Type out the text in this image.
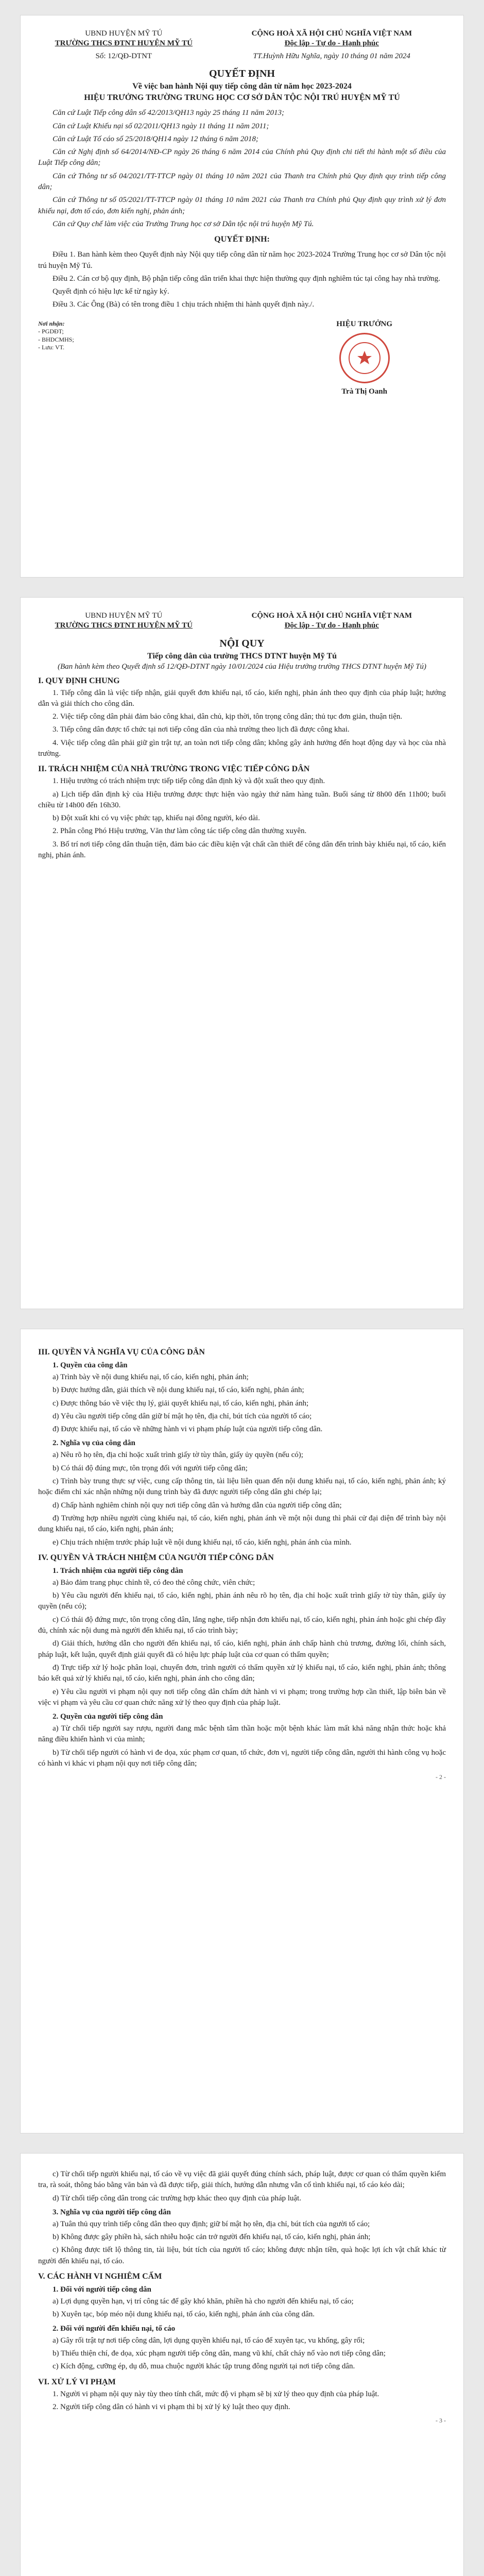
UBND HUYỆN MỸ TÚ
TRƯỜNG THCS ĐTNT HUYỆN MỸ TÚ
Số: 12/QĐ-DTNT
CỘNG HOÀ XÃ HỘI CHỦ NGHĨA VIỆT NAM
Độc lập - Tự do - Hạnh phúc
TT.Huỳnh Hữu Nghĩa, ngày 10 tháng 01 năm 2024
QUYẾT ĐỊNH
Về việc ban hành Nội quy tiếp công dân từ năm học 2023-2024
HIỆU TRƯỞNG TRƯỜNG TRUNG HỌC CƠ SỞ DÂN TỘC NỘI TRÚ HUYỆN MỸ TÚ

Căn cứ Luật Tiếp công dân số 42/2013/QH13 ngày 25 tháng 11 năm 2013;

Căn cứ Luật Khiếu nại số 02/2011/QH13 ngày 11 tháng 11 năm 2011;

Căn cứ Luật Tố cáo số 25/2018/QH14 ngày 12 tháng 6 năm 2018;

Căn cứ Nghị định số 64/2014/NĐ-CP ngày 26 tháng 6 năm 2014 của Chính phủ Quy định chi tiết thi hành một số điều của Luật Tiếp công dân;

Căn cứ Thông tư số 04/2021/TT-TTCP ngày 01 tháng 10 năm 2021 của Thanh tra Chính phủ Quy định quy trình tiếp công dân;

Căn cứ Thông tư số 05/2021/TT-TTCP ngày 01 tháng 10 năm 2021 của Thanh tra Chính phủ Quy định quy trình xử lý đơn khiếu nại, đơn tố cáo, đơn kiến nghị, phản ánh;

Căn cứ Quy chế làm việc của Trường Trung học cơ sở Dân tộc nội trú huyện Mỹ Tú.

QUYẾT ĐỊNH:

Điều 1. Ban hành kèm theo Quyết định này Nội quy tiếp công dân từ năm học 2023-2024 Trường Trung học cơ sở Dân tộc nội trú huyện Mỹ Tú.

Điều 2. Cán cơ bộ quy định, Bộ phận tiếp công dân triển khai thực hiện thường quy định nghiêm túc tại công hay nhà trường.

Quyết định có hiệu lực kể từ ngày ký.

Điều 3. Các Ông (Bà) có tên trong điều 1 chịu trách nhiệm thi hành quyết định này./.

Nơi nhận:
- PGDĐT;
- BHDCMHS;
- Lưu: VT.
HIỆU TRƯỞNG
Trà Thị Oanh
UBND HUYỆN MỸ TÚ
TRƯỜNG THCS ĐTNT HUYỆN MỸ TÚ
CỘNG HOÀ XÃ HỘI CHỦ NGHĨA VIỆT NAM
Độc lập - Tự do - Hạnh phúc
NỘI QUY
Tiếp công dân của trường THCS DTNT huyện Mỹ Tú
(Ban hành kèm theo Quyết định số 12/QĐ-DTNT ngày 10/01/2024 của Hiệu trưởng trường THCS DTNT huyện Mỹ Tú)
I. QUY ĐỊNH CHUNG

1. Tiếp công dân là việc tiếp nhận, giải quyết đơn khiếu nại, tố cáo, kiến nghị, phản ánh theo quy định của pháp luật; hướng dẫn và giải thích cho công dân.

2. Việc tiếp công dân phải đảm bảo công khai, dân chủ, kịp thời, tôn trọng công dân; thủ tục đơn giản, thuận tiện.

3. Tiếp công dân được tổ chức tại nơi tiếp công dân của nhà trường theo lịch đã được công khai.

4. Việc tiếp công dân phải giữ gìn trật tự, an toàn nơi tiếp công dân; không gây ảnh hưởng đến hoạt động dạy và học của nhà trường.

II. TRÁCH NHIỆM CỦA NHÀ TRƯỜNG TRONG VIỆC TIẾP CÔNG DÂN

1. Hiệu trưởng có trách nhiệm trực tiếp tiếp công dân định kỳ và đột xuất theo quy định.

a) Lịch tiếp dân định kỳ của Hiệu trưởng được thực hiện vào ngày thứ năm hàng tuần. Buổi sáng từ 8h00 đến 11h00; buổi chiều từ 14h00 đến 16h30.

b) Đột xuất khi có vụ việc phức tạp, khiếu nại đông người, kéo dài.

2. Phân công Phó Hiệu trưởng, Văn thư làm công tác tiếp công dân thường xuyên.

3. Bố trí nơi tiếp công dân thuận tiện, đảm bảo các điều kiện vật chất cần thiết để công dân đến trình bày khiếu nại, tố cáo, kiến nghị, phản ánh.

III. QUYỀN VÀ NGHĨA VỤ CỦA CÔNG DÂN
1. Quyền của công dân

a) Trình bày về nội dung khiếu nại, tố cáo, kiến nghị, phản ánh;

b) Được hướng dẫn, giải thích về nội dung khiếu nại, tố cáo, kiến nghị, phản ánh;

c) Được thông báo về việc thụ lý, giải quyết khiếu nại, tố cáo, kiến nghị, phản ánh;

d) Yêu cầu người tiếp công dân giữ bí mật họ tên, địa chỉ, bút tích của người tố cáo;

đ) Được khiếu nại, tố cáo về những hành vi vi phạm pháp luật của người tiếp công dân.

2. Nghĩa vụ của công dân

a) Nêu rõ họ tên, địa chỉ hoặc xuất trình giấy tờ tùy thân, giấy ủy quyền (nếu có);

b) Có thái độ đúng mực, tôn trọng đối với người tiếp công dân;

c) Trình bày trung thực sự việc, cung cấp thông tin, tài liệu liên quan đến nội dung khiếu nại, tố cáo, kiến nghị, phản ánh; ký hoặc điểm chỉ xác nhận những nội dung trình bày đã được người tiếp công dân ghi chép lại;

d) Chấp hành nghiêm chỉnh nội quy nơi tiếp công dân và hướng dẫn của người tiếp công dân;

đ) Trường hợp nhiều người cùng khiếu nại, tố cáo, kiến nghị, phản ánh về một nội dung thì phải cử đại diện để trình bày nội dung khiếu nại, tố cáo, kiến nghị, phản ánh;

e) Chịu trách nhiệm trước pháp luật về nội dung khiếu nại, tố cáo, kiến nghị, phản ánh của mình.

IV. QUYỀN VÀ TRÁCH NHIỆM CỦA NGƯỜI TIẾP CÔNG DÂN
1. Trách nhiệm của người tiếp công dân

a) Bảo đảm trang phục chỉnh tề, có đeo thẻ công chức, viên chức;

b) Yêu cầu người đến khiếu nại, tố cáo, kiến nghị, phản ánh nêu rõ họ tên, địa chỉ hoặc xuất trình giấy tờ tùy thân, giấy ủy quyền (nếu có);

c) Có thái độ đứng mực, tôn trọng công dân, lắng nghe, tiếp nhận đơn khiếu nại, tố cáo, kiến nghị, phản ánh hoặc ghi chép đầy đủ, chính xác nội dung mà người đến khiếu nại, tố cáo trình bày;

d) Giải thích, hướng dẫn cho người đến khiếu nại, tố cáo, kiến nghị, phản ánh chấp hành chủ trương, đường lối, chính sách, pháp luật, kết luận, quyết định giải quyết đã có hiệu lực pháp luật của cơ quan có thẩm quyền;

đ) Trực tiếp xử lý hoặc phân loại, chuyển đơn, trình người có thẩm quyền xử lý khiếu nại, tố cáo, kiến nghị, phản ánh; thông báo kết quả xử lý khiếu nại, tố cáo, kiến nghị, phản ánh cho công dân;

e) Yêu cầu người vi phạm nội quy nơi tiếp công dân chấm dứt hành vi vi phạm; trong trường hợp cần thiết, lập biên bản về việc vi phạm và yêu cầu cơ quan chức năng xử lý theo quy định của pháp luật.

2. Quyền của người tiếp công dân

a) Từ chối tiếp người say rượu, người đang mắc bệnh tâm thần hoặc một bệnh khác làm mất khả năng nhận thức hoặc khả năng điều khiển hành vi của mình;

b) Từ chối tiếp người có hành vi đe dọa, xúc phạm cơ quan, tổ chức, đơn vị, người tiếp công dân, người thi hành công vụ hoặc có hành vi khác vi phạm nội quy nơi tiếp công dân;

- 2 -

c) Từ chối tiếp người khiếu nại, tố cáo về vụ việc đã giải quyết đúng chính sách, pháp luật, được cơ quan có thẩm quyền kiểm tra, rà soát, thông báo bằng văn bản và đã được tiếp, giải thích, hướng dẫn nhưng vẫn cố tình khiếu nại, tố cáo kéo dài;

d) Từ chối tiếp công dân trong các trường hợp khác theo quy định của pháp luật.

3. Nghĩa vụ của người tiếp công dân

a) Tuân thủ quy trình tiếp công dân theo quy định; giữ bí mật họ tên, địa chỉ, bút tích của người tố cáo;

b) Không được gây phiền hà, sách nhiễu hoặc cản trở người đến khiếu nại, tố cáo, kiến nghị, phản ánh;

c) Không được tiết lộ thông tin, tài liệu, bút tích của người tố cáo; không được nhận tiền, quà hoặc lợi ích vật chất khác từ người đến khiếu nại, tố cáo.

V. CÁC HÀNH VI NGHIÊM CẤM
1. Đối với người tiếp công dân

a) Lợi dụng quyền hạn, vị trí công tác để gây khó khăn, phiền hà cho người đến khiếu nại, tố cáo;

b) Xuyên tạc, bóp méo nội dung khiếu nại, tố cáo, kiến nghị, phản ánh của công dân.

2. Đối với người đến khiếu nại, tố cáo

a) Gây rối trật tự nơi tiếp công dân, lợi dụng quyền khiếu nại, tố cáo để xuyên tạc, vu khống, gây rối;

b) Thiếu thiện chí, đe dọa, xúc phạm người tiếp công dân, mang vũ khí, chất cháy nổ vào nơi tiếp công dân;

c) Kích động, cưỡng ép, dụ dỗ, mua chuộc người khác tập trung đông người tại nơi tiếp công dân.

VI. XỬ LÝ VI PHẠM

1. Người vi phạm nội quy này tùy theo tính chất, mức độ vi phạm sẽ bị xử lý theo quy định của pháp luật.

2. Người tiếp công dân có hành vi vi phạm thì bị xử lý kỷ luật theo quy định.

- 3 -
